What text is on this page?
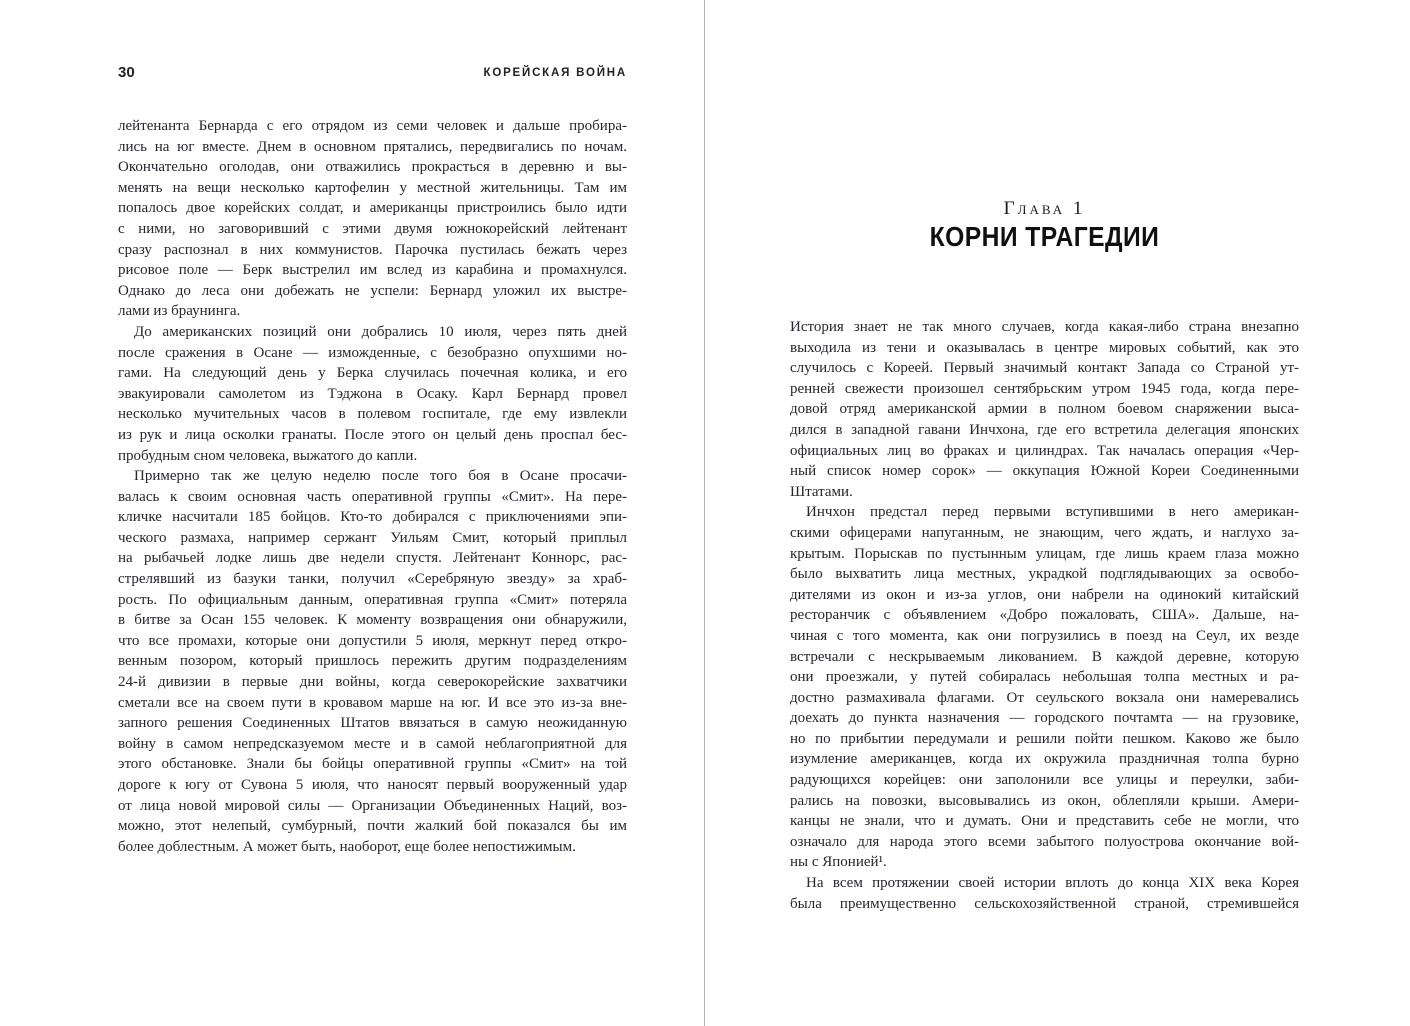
30	КОРЕЙСКАЯ ВОЙНА
лейтенанта Бернарда с его отрядом из семи человек и дальше пробира-
лись на юг вместе. Днем в основном прятались, передвигались по ночам.
Окончательно оголодав, они отважились прокрасться в деревню и вы-
менять на вещи несколько картофелин у местной жительницы. Там им
попалось двое корейских солдат, и американцы пристроились было идти
с ними, но заговоривший с этими двумя южнокорейский лейтенант
сразу распознал в них коммунистов. Парочка пустилась бежать через
рисовое поле — Берк выстрелил им вслед из карабина и промахнулся.
Однако до леса они добежать не успели: Бернард уложил их выстре-
лами из браунинга.
До американских позиций они добрались 10 июля, через пять дней
после сражения в Осане — изможденные, с безобразно опухшими но-
гами. На следующий день у Берка случилась почечная колика, и его
эвакуировали самолетом из Тэджона в Осаку. Карл Бернард провел
несколько мучительных часов в полевом госпитале, где ему извлекли
из рук и лица осколки гранаты. После этого он целый день проспал бес-
пробудным сном человека, выжатого до капли.
Примерно так же целую неделю после того боя в Осане просачи-
валась к своим основная часть оперативной группы «Смит». На пере-
кличке насчитали 185 бойцов. Кто-то добирался с приключениями эпи-
ческого размаха, например сержант Уильям Смит, который приплыл
на рыбачьей лодке лишь две недели спустя. Лейтенант Коннорс, рас-
стрелявший из базуки танки, получил «Серебряную звезду» за храб-
рость. По официальным данным, оперативная группа «Смит» потеряла
в битве за Осан 155 человек. К моменту возвращения они обнаружили,
что все промахи, которые они допустили 5 июля, меркнут перед откро-
венным позором, который пришлось пережить другим подразделениям
24-й дивизии в первые дни войны, когда северокорейские захватчики
сметали все на своем пути в кровавом марше на юг. И все это из-за вне-
запного решения Соединенных Штатов ввязаться в самую неожиданную
войну в самом непредсказуемом месте и в самой неблагоприятной для
этого обстановке. Знали бы бойцы оперативной группы «Смит» на той
дороге к югу от Сувона 5 июля, что наносят первый вооруженный удар
от лица новой мировой силы — Организации Объединенных Наций, воз-
можно, этот нелепый, сумбурный, почти жалкий бой показался бы им
более доблестным. А может быть, наоборот, еще более непостижимым.
Глава 1
КОРНИ ТРАГЕДИИ
История знает не так много случаев, когда какая-либо страна внезапно
выходила из тени и оказывалась в центре мировых событий, как это
случилось с Кореей. Первый значимый контакт Запада со Страной ут-
ренней свежести произошел сентябрьским утром 1945 года, когда пере-
довой отряд американской армии в полном боевом снаряжении выса-
дился в западной гавани Инчхона, где его встретила делегация японских
официальных лиц во фраках и цилиндрах. Так началась операция «Чер-
ный список номер сорок» — оккупация Южной Кореи Соединенными
Штатами.
Инчхон предстал перед первыми вступившими в него американ-
скими офицерами напуганным, не знающим, чего ждать, и наглухо за-
крытым. Порыскав по пустынным улицам, где лишь краем глаза можно
было выхватить лица местных, украдкой подглядывающих за освобо-
дителями из окон и из-за углов, они набрели на одинокий китайский
ресторанчик с объявлением «Добро пожаловать, США». Дальше, на-
чиная с того момента, как они погрузились в поезд на Сеул, их везде
встречали с нескрываемым ликованием. В каждой деревне, которую
они проезжали, у путей собиралась небольшая толпа местных и ра-
достно размахивала флагами. От сеульского вокзала они намеревались
доехать до пункта назначения — городского почтамта — на грузовике,
но по прибытии передумали и решили пойти пешком. Каково же было
изумление американцев, когда их окружила праздничная толпа бурно
радующихся корейцев: они заполонили все улицы и переулки, заби-
рались на повозки, высовывались из окон, облепляли крыши. Амери-
канцы не знали, что и думать. Они и представить себе не могли, что
означало для народа этого всеми забытого полуострова окончание вой-
ны с Японией¹.
На всем протяжении своей истории вплоть до конца XIX века Корея
была преимущественно сельскохозяйственной страной, стремившейся
